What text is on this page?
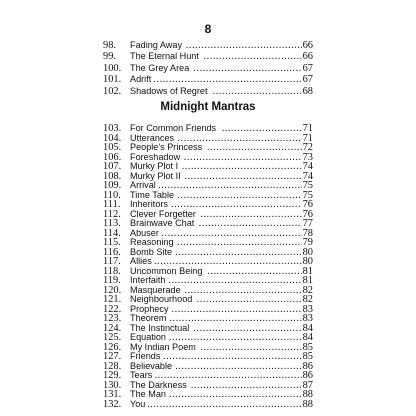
8
98. Fading Away .....	66
99. The Eternal Hunt .....	66
100. The Grey Area .....	67
101. Adrift .....	67
102. Shadows of Regret .....	68
Midnight Mantras
103. For Common Friends .....	71
104. Utterances .....	71
105. People's Princess .....	72
106. Foreshadow .....	73
107. Murky Plot I .....	74
108. Murky Plot II .....	74
109. Arrival .....	75
110. Time Table .....	75
111. Inheritors .....	76
112. Clever Forgetter .....	76
113. Brainwave Chat .....	77
114. Abuser .....	78
115. Reasoning .....	79
116. Bomb Site .....	80
117. Allies .....	80
118. Uncommon Being .....	81
119. Interfaith .....	81
120. Masquerade .....	82
121. Neighbourhood .....	82
122. Prophecy .....	83
123. Theorem .....	83
124. The Instinctual .....	84
125. Equation .....	84
126. My Indian Poem .....	85
127. Friends .....	85
128. Believable .....	86
129. Tears .....	86
130. The Darkness .....	87
131. The Man .....	88
132. You .....	88
